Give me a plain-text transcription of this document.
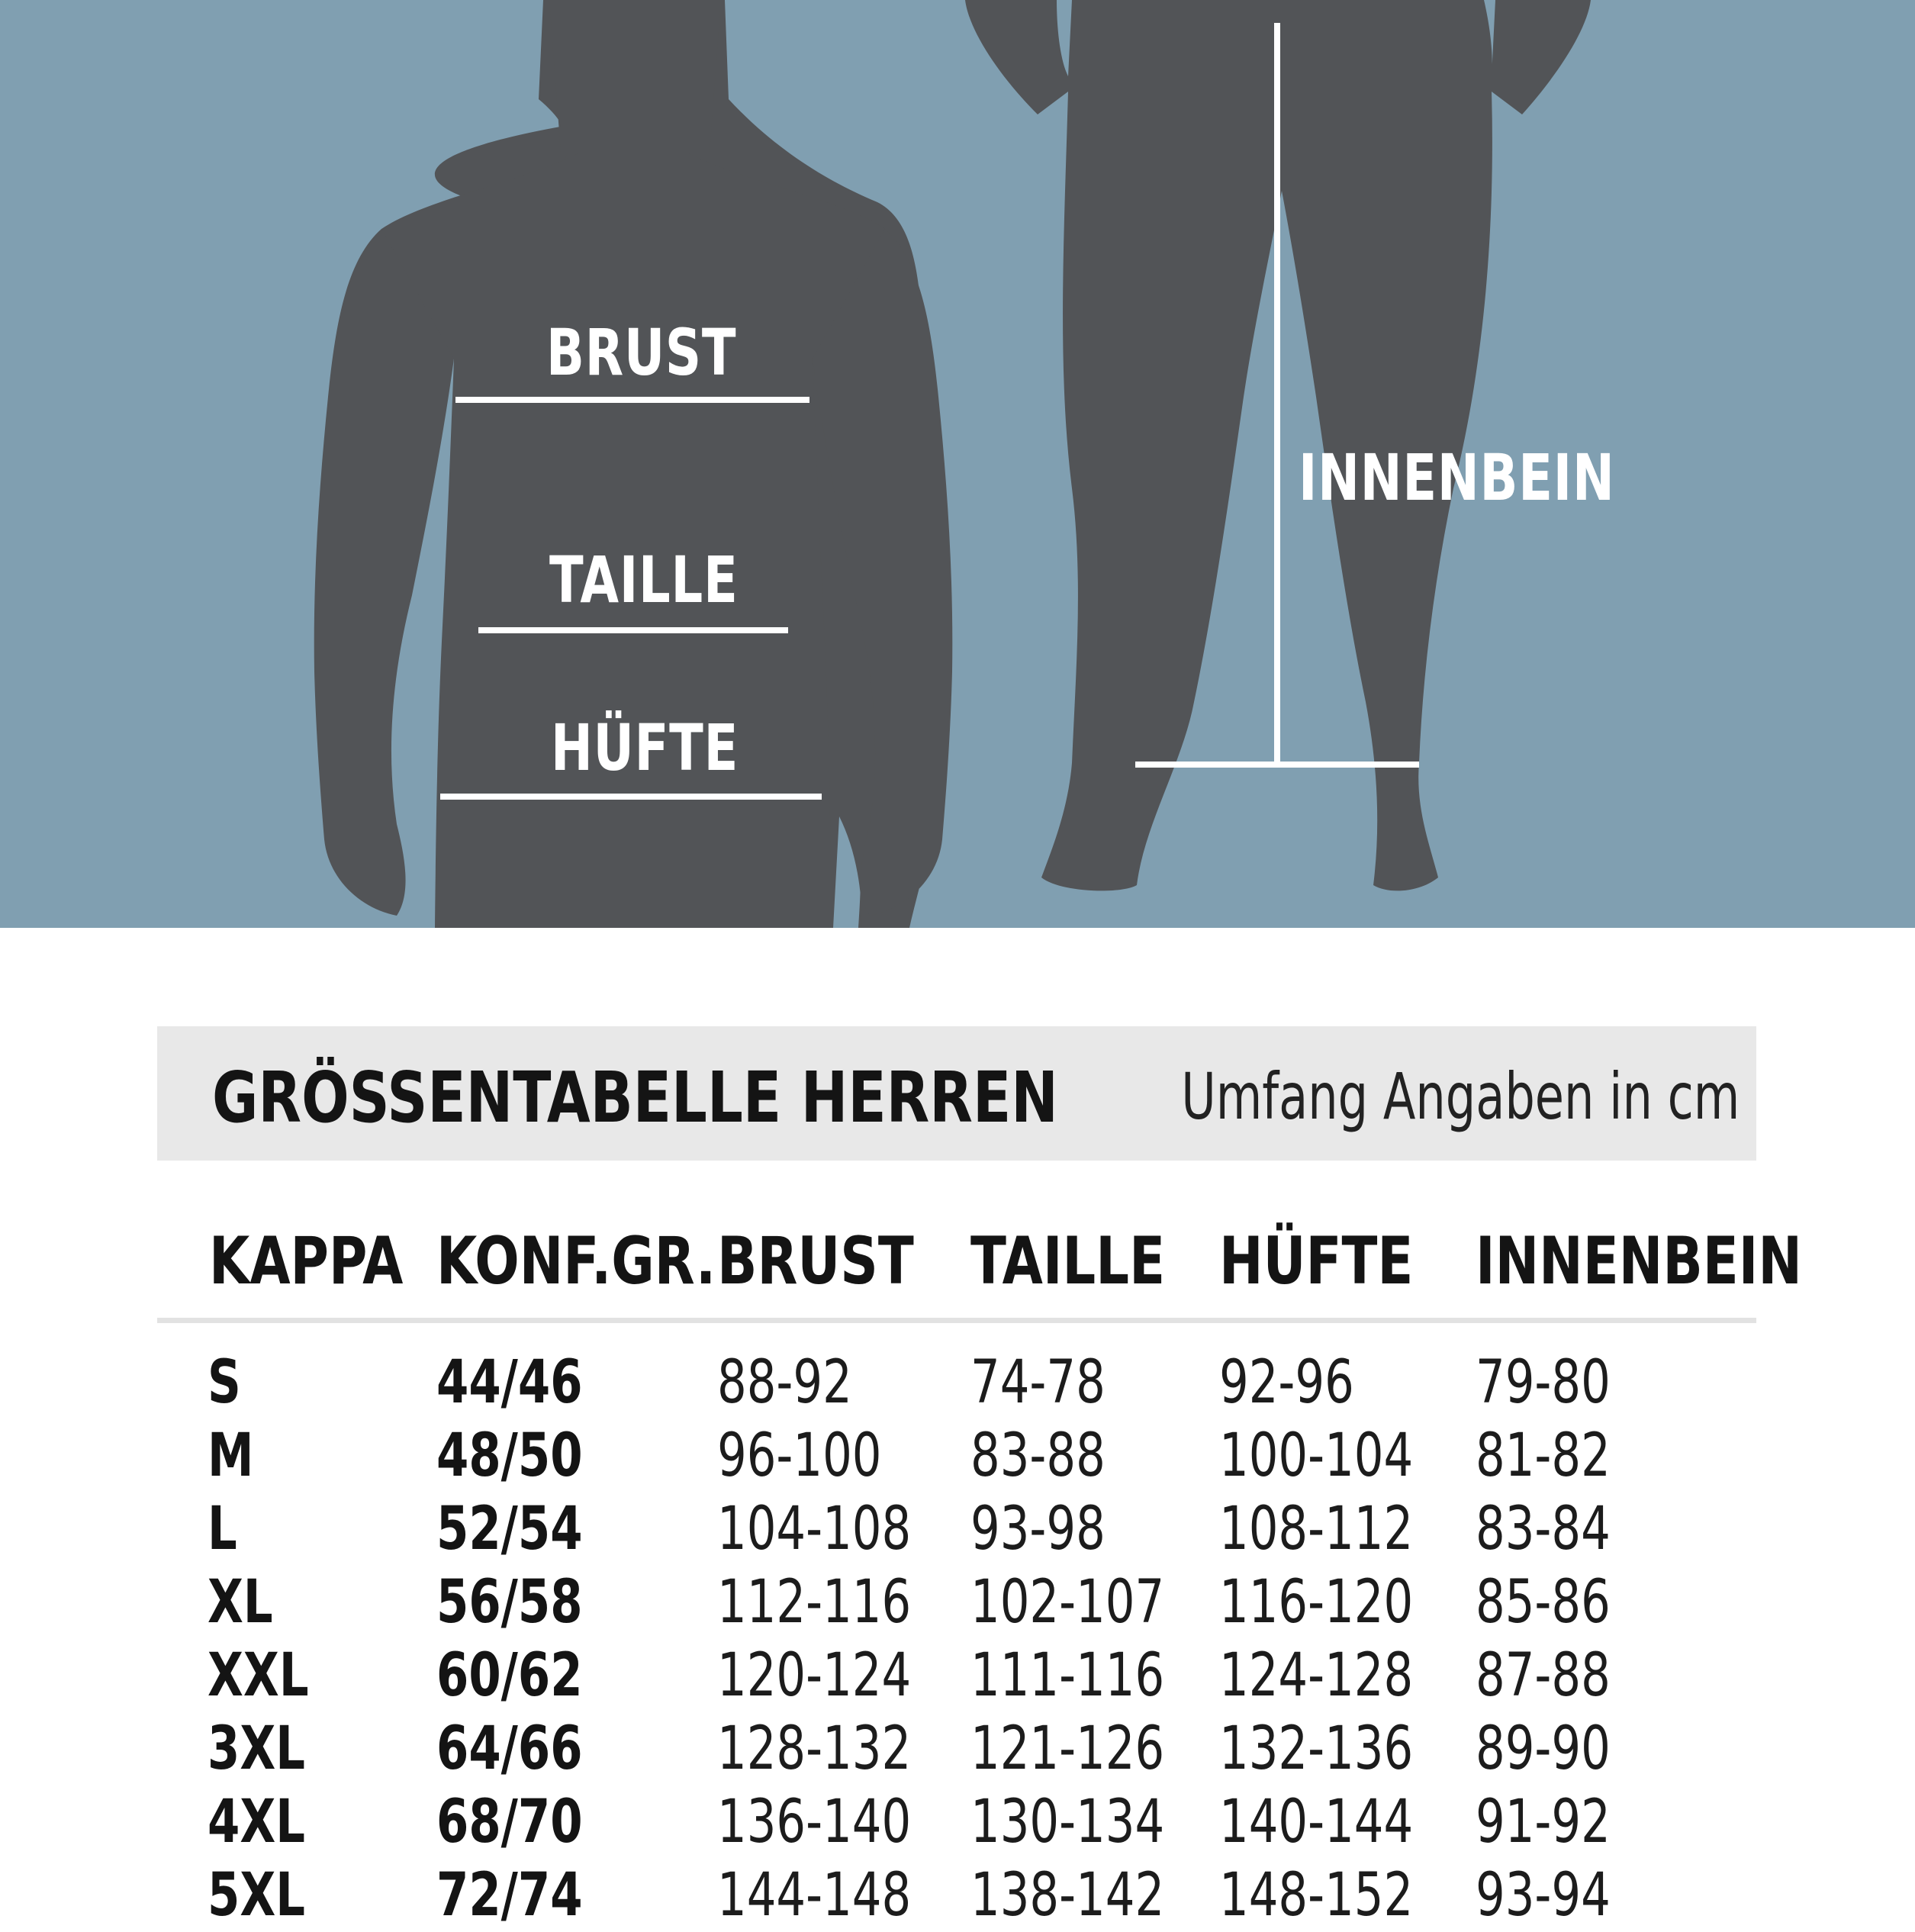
BRUST
TAILLE
HÜFTE
INNENBEIN
GRÖSSENTABELLE HERREN Umfang Angaben in cm
KAPPA KONF.GR. BRUST TAILLE HÜFTE INNENBEIN
S	44/46 88-92 74-78 92-96 79-80
M	48/50 96-100 83-88 100-104 81-82
L	52/54 104-108 93-98 108-112 83-84
XL	56/58 112-116 102-107 116-120 85-86
XXL 60/62 120-124 111-116 124-128 87-88
3XL 64/66 128-132 121-126 132-136 89-90
4XL 68/70 136-140 130-134 140-144 91-92
5XL 72/74 144-148 138-142 148-152 93-94
